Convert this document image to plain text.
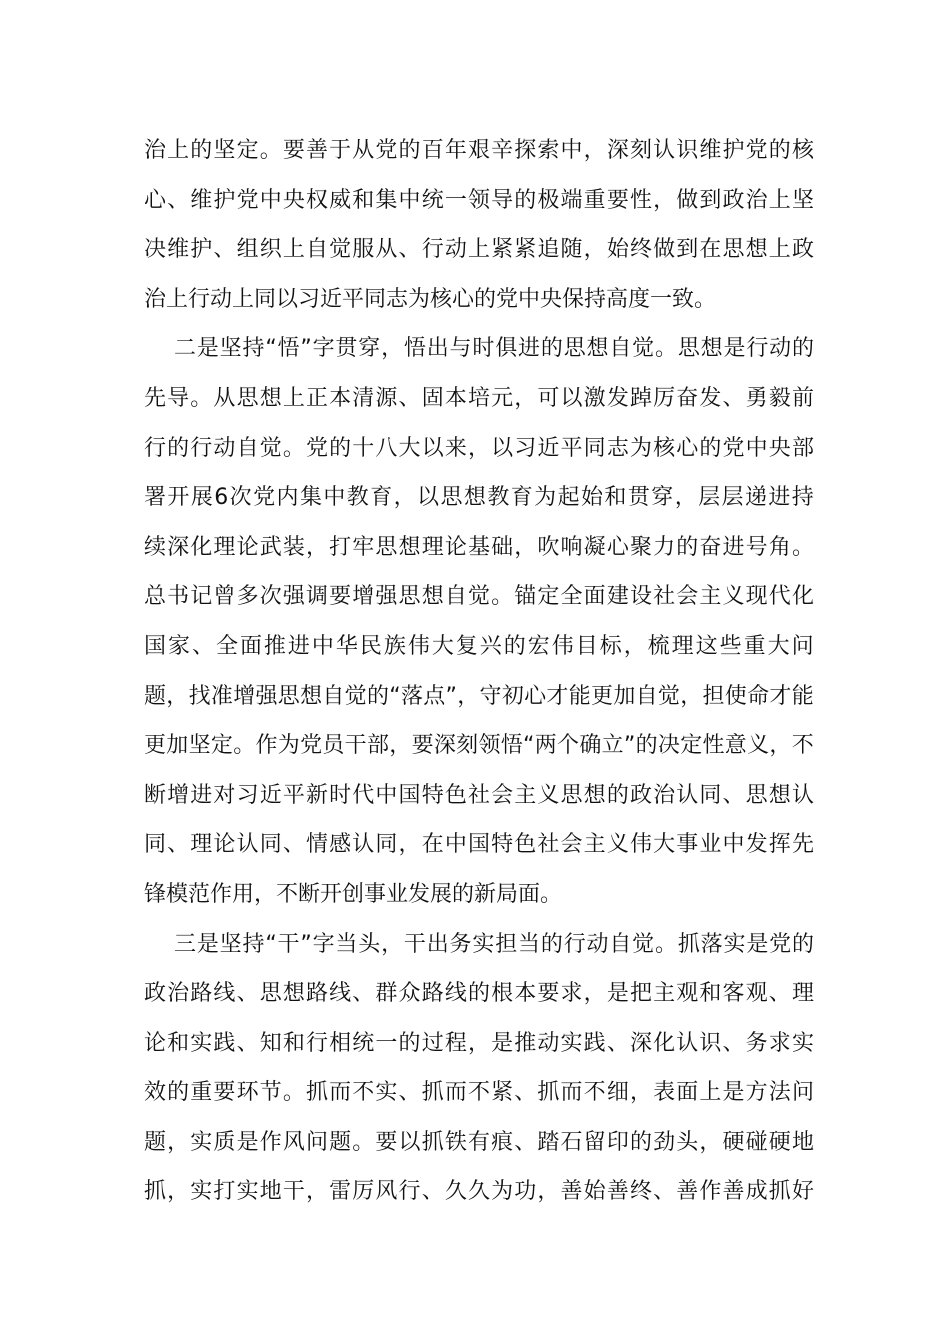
治 上 的 坚 定 。 要 善 于 从 党 的 百 年 艰 辛 探 索 中 ， 深 刻 认 识 维 护 党 的 核
心 、 维 护 党 中 央 权 威 和 集 中 统 一 领 导 的 极 端 重 要 性 ， 做 到 政 治 上 坚
决 维 护 、 组 织 上 自 觉 服 从 、 行 动 上 紧 紧 追 随 ， 始 终 做 到 在 思 想 上 政
治上行动上同以习近平同志为核心的党中央保持高度一致。
二 是 坚 持 “ 悟 ” 字 贯 穿 ， 悟 出 与 时 俱 进 的 思 想 自 觉 。 思 想 是 行 动 的
先 导 。 从 思 想 上 正 本 清 源 、 固 本 培 元 ， 可 以 激 发 踔 厉 奋 发 、 勇 毅 前
行 的 行 动 自 觉 。 党 的 十 八 大 以 来 ， 以 习 近 平 同 志 为 核 心 的 党 中 央 部
署 开 展 6 次 党 内 集 中 教 育 ， 以 思 想 教 育 为 起 始 和 贯 穿 ， 层 层 递 进 持
续 深 化 理 论 武 装 ， 打 牢 思 想 理 论 基 础 ， 吹 响 凝 心 聚 力 的 奋 进 号 角 。
总 书 记 曾 多 次 强 调 要 增 强 思 想 自 觉 。 锚 定 全 面 建 设 社 会 主 义 现 代 化
国 家 、 全 面 推 进 中 华 民 族 伟 大 复 兴 的 宏 伟 目 标 ， 梳 理 这 些 重 大 问
题 ， 找 准 增 强 思 想 自 觉 的 “ 落 点 ” ， 守 初 心 才 能 更 加 自 觉 ， 担 使 命 才 能
更 加 坚 定 。 作 为 党 员 干 部 ， 要 深 刻 领 悟 “ 两 个 确 立 ” 的 决 定 性 意 义 ， 不
断 增 进 对 习 近 平 新 时 代 中 国 特 色 社 会 主 义 思 想 的 政 治 认 同 、 思 想 认
同 、 理 论 认 同 、 情 感 认 同 ， 在 中 国 特 色 社 会 主 义 伟 大 事 业 中 发 挥 先
锋模范作用，不断开创事业发展的新局面。
三 是 坚 持 “ 干 ” 字 当 头 ， 干 出 务 实 担 当 的 行 动 自 觉 。 抓 落 实 是 党 的
政 治 路 线 、 思 想 路 线 、 群 众 路 线 的 根 本 要 求 ， 是 把 主 观 和 客 观 、 理
论 和 实 践 、 知 和 行 相 统 一 的 过 程 ， 是 推 动 实 践 、 深 化 认 识 、 务 求 实
效 的 重 要 环 节 。 抓 而 不 实 、 抓 而 不 紧 、 抓 而 不 细 ， 表 面 上 是 方 法 问
题 ， 实 质 是 作 风 问 题 。 要 以 抓 铁 有 痕 、 踏 石 留 印 的 劲 头 ， 硬 碰 硬 地
抓 ， 实 打 实 地 干 ， 雷 厉 风 行 、 久 久 为 功 ， 善 始 善 终 、 善 作 善 成 抓 好
